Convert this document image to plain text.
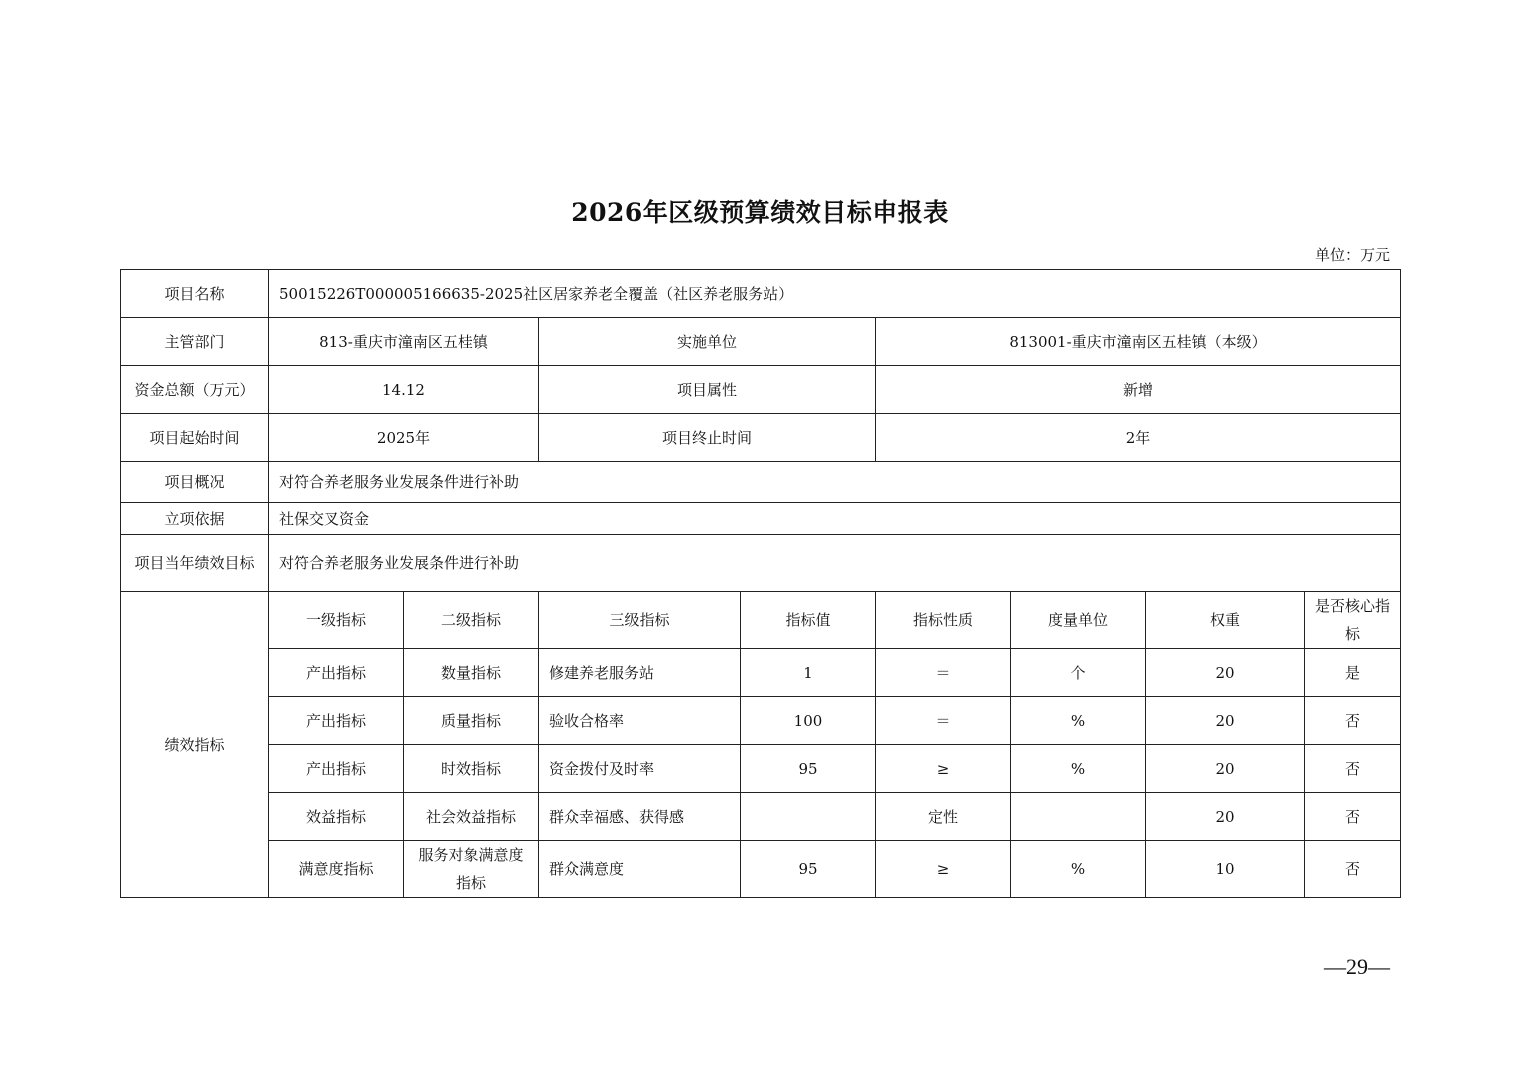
2026年区级预算绩效目标申报表
单位：万元
项目名称	50015226T000005166635-2025社区居家养老全覆盖（社区养老服务站）							
主管部门	813-重庆市潼南区五桂镇		实施单位		813001-重庆市潼南区五桂镇（本级）			
资金总额（万元）	14.12		项目属性		新增			
项目起始时间	2025年		项目终止时间		2年			
项目概况	对符合养老服务业发展条件进行补助							
立项依据	社保交叉资金							
项目当年绩效目标	对符合养老服务业发展条件进行补助							
绩效指标	一级指标	二级指标	三级指标	指标值	指标性质	度量单位	权重	是否核心指标
	产出指标	数量指标	修建养老服务站	1	＝	个	20	是
	产出指标	质量指标	验收合格率	100	＝	%	20	否
	产出指标	时效指标	资金拨付及时率	95	≥	%	20	否
	效益指标	社会效益指标	群众幸福感、获得感		定性		20	否
	满意度指标	服务对象满意度指标	群众满意度	95	≥	%	10	否
—29—
